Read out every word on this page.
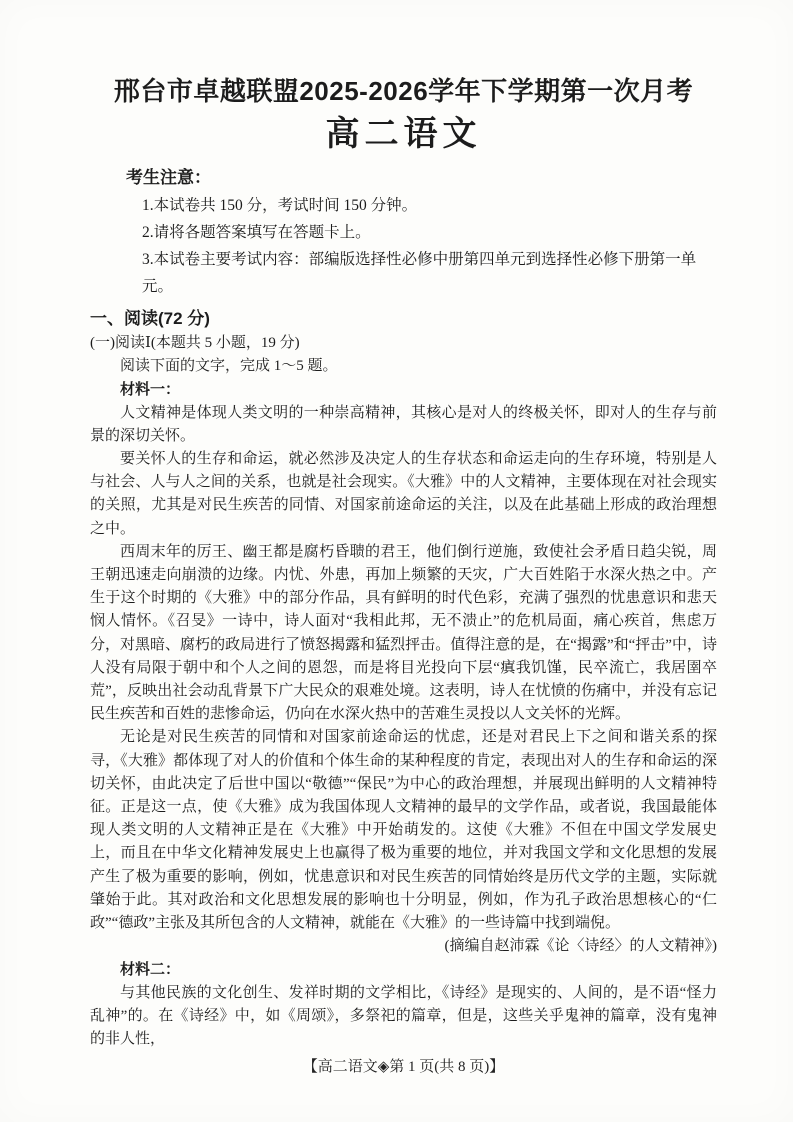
邢台市卓越联盟2025-2026学年下学期第一次月考
高二语文
考生注意：
1.本试卷共 150 分，考试时间 150 分钟。
2.请将各题答案填写在答题卡上。
3.本试卷主要考试内容：部编版选择性必修中册第四单元到选择性必修下册第一单元。
一、阅读(72 分)
(一)阅读Ⅰ(本题共 5 小题，19 分)

阅读下面的文字，完成 1～5 题。

材料一：

人文精神是体现人类文明的一种崇高精神，其核心是对人的终极关怀，即对人的生存与前景的深切关怀。

要关怀人的生存和命运，就必然涉及决定人的生存状态和命运走向的生存环境，特别是人与社会、人与人之间的关系，也就是社会现实。《大雅》中的人文精神，主要体现在对社会现实的关照，尤其是对民生疾苦的同情、对国家前途命运的关注，以及在此基础上形成的政治理想之中。

西周末年的厉王、幽王都是腐朽昏聩的君王，他们倒行逆施，致使社会矛盾日趋尖锐，周王朝迅速走向崩溃的边缘。内忧、外患，再加上频繁的天灾，广大百姓陷于水深火热之中。产生于这个时期的《大雅》中的部分作品，具有鲜明的时代色彩，充满了强烈的忧患意识和悲天悯人情怀。《召旻》一诗中，诗人面对“我相此邦，无不溃止”的危机局面，痛心疾首，焦虑万分，对黑暗、腐朽的政局进行了愤怒揭露和猛烈抨击。值得注意的是，在“揭露”和“抨击”中，诗人没有局限于朝中和个人之间的恩怨，而是将目光投向下层“瘨我饥馑，民卒流亡，我居圉卒荒”，反映出社会动乱背景下广大民众的艰难处境。这表明，诗人在忧愤的伤痛中，并没有忘记民生疾苦和百姓的悲惨命运，仍向在水深火热中的苦难生灵投以人文关怀的光辉。

无论是对民生疾苦的同情和对国家前途命运的忧虑，还是对君民上下之间和谐关系的探寻，《大雅》都体现了对人的价值和个体生命的某种程度的肯定，表现出对人的生存和命运的深切关怀，由此决定了后世中国以“敬德”“保民”为中心的政治理想，并展现出鲜明的人文精神特征。正是这一点，使《大雅》成为我国体现人文精神的最早的文学作品，或者说，我国最能体现人类文明的人文精神正是在《大雅》中开始萌发的。这使《大雅》不但在中国文学发展史上，而且在中华文化精神发展史上也赢得了极为重要的地位，并对我国文学和文化思想的发展产生了极为重要的影响，例如，忧患意识和对民生疾苦的同情始终是历代文学的主题，实际就肇始于此。其对政治和文化思想发展的影响也十分明显，例如，作为孔子政治思想核心的“仁政”“德政”主张及其所包含的人文精神，就能在《大雅》的一些诗篇中找到端倪。

(摘编自赵沛霖《论〈诗经〉的人文精神》)

材料二：

与其他民族的文化创生、发祥时期的文学相比，《诗经》是现实的、人间的，是不语“怪力乱神”的。在《诗经》中，如《周颂》，多祭祀的篇章，但是，这些关乎鬼神的篇章，没有鬼神的非人性，

【高二语文◈第 1 页(共 8 页)】
